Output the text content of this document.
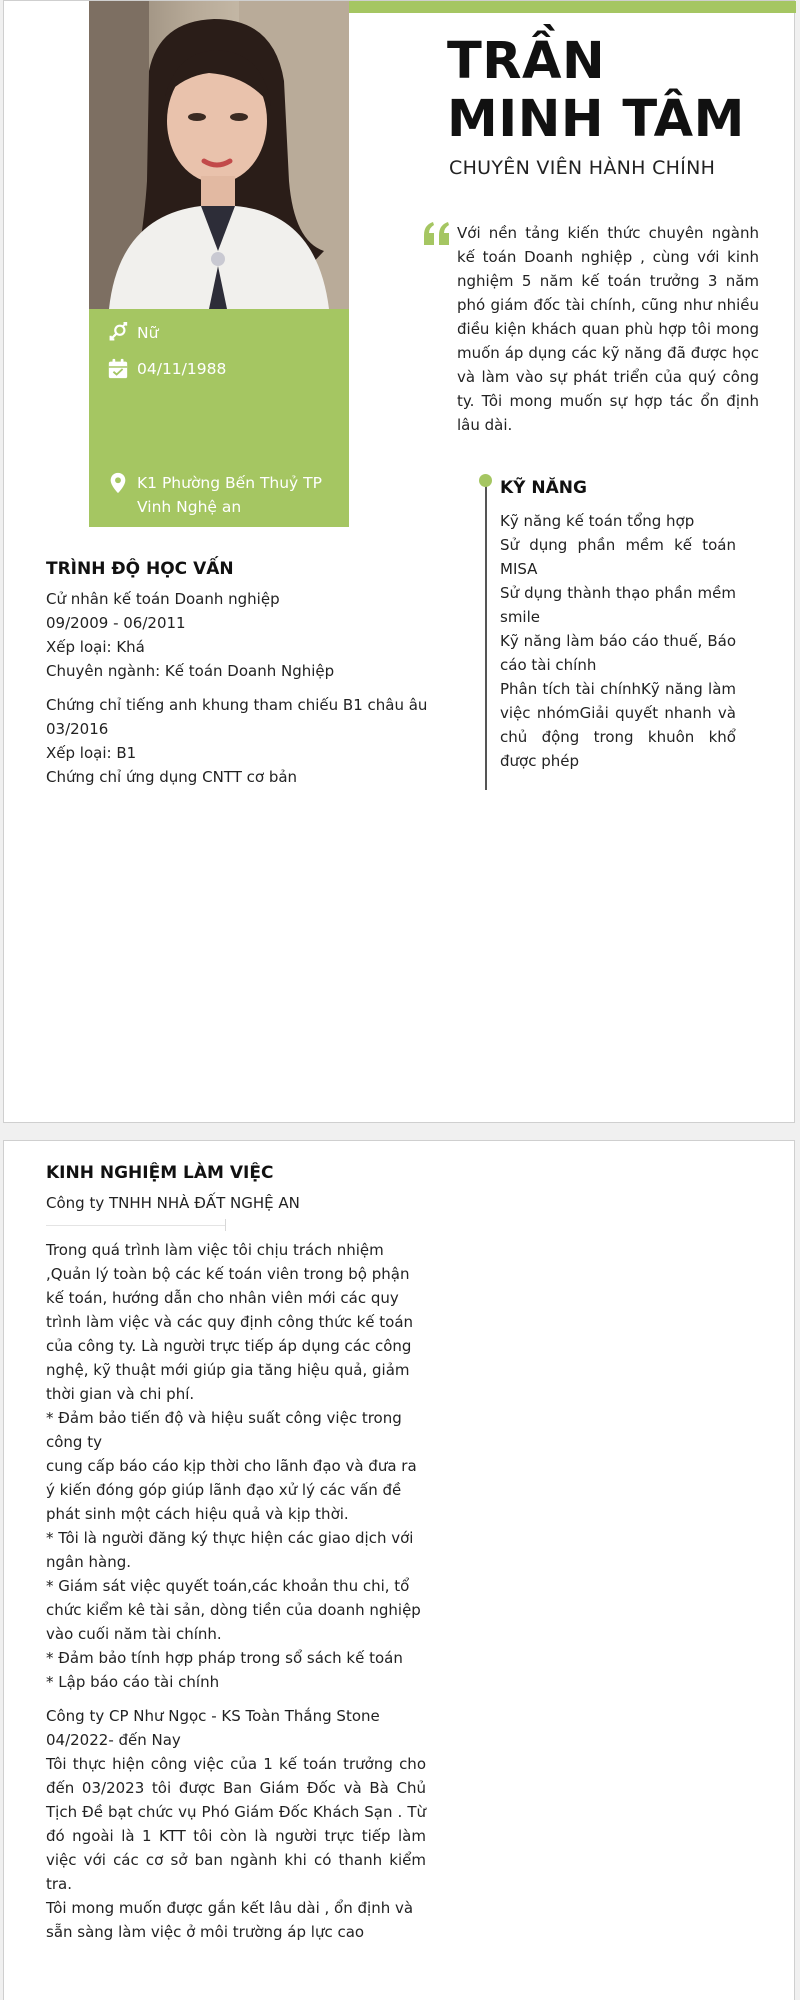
Nữ
04/11/1988
K1 Phường Bến Thuỷ TP Vinh Nghệ an
TRẦN MINH TÂM
CHUYÊN VIÊN HÀNH CHÍNH
Với nền tảng kiến thức chuyên ngành kế toán Doanh nghiệp , cùng với kinh nghiệm 5 năm kế toán trưởng 3 năm phó giám đốc tài chính, cũng như nhiều điều kiện khách quan phù hợp tôi mong muốn áp dụng các kỹ năng đã được học và làm vào sự phát triển của quý công ty. Tôi mong muốn sự hợp tác ổn định lâu dài.
KỸ NĂNG

Kỹ năng kế toán tổng hợp

Sử dụng phần mềm kế toán MISA

Sử dụng thành thạo phần mềm smile

Kỹ năng làm báo cáo thuế, Báo cáo tài chính

Phân tích tài chínhKỹ năng làm việc nhómGiải quyết nhanh và chủ động trong khuôn khổ được phép

TRÌNH ĐỘ HỌC VẤN

Cử nhân kế toán Doanh nghiệp

09/2009 - 06/2011

Xếp loại: Khá

Chuyên ngành: Kế toán Doanh Nghiệp

Chứng chỉ tiếng anh khung tham chiếu B1 châu âu

03/2016

Xếp loại: B1

Chứng chỉ ứng dụng CNTT cơ bản

KINH NGHIỆM LÀM VIỆC

Công ty TNHH NHÀ ĐẤT NGHỆ AN

Trong quá trình làm việc tôi chịu trách nhiệm ,Quản lý toàn bộ các kế toán viên trong bộ phận kế toán, hướng dẫn cho nhân viên mới các quy trình làm việc và các quy định công thức kế toán của công ty. Là người trực tiếp áp dụng các công nghệ, kỹ thuật mới giúp gia tăng hiệu quả, giảm thời gian và chi phí.

* Đảm bảo tiến độ và hiệu suất công việc trong công ty

cung cấp báo cáo kịp thời cho lãnh đạo và đưa ra ý kiến đóng góp giúp lãnh đạo xử lý các vấn đề phát sinh một cách hiệu quả và kịp thời.

* Tôi là người đăng ký thực hiện các giao dịch với ngân hàng.

* Giám sát việc quyết toán,các khoản thu chi, tổ chức kiểm kê tài sản, dòng tiền của doanh nghiệp vào cuối năm tài chính.

* Đảm bảo tính hợp pháp trong sổ sách kế toán

* Lập báo cáo tài chính

Công ty CP Như Ngọc - KS Toàn Thắng Stone

04/2022- đến Nay

Tôi thực hiện công việc của 1 kế toán trưởng cho đến 03/2023 tôi được Ban Giám Đốc và Bà Chủ Tịch Đề bạt chức vụ Phó Giám Đốc Khách Sạn . Từ đó ngoài là 1 KTT tôi còn là người trực tiếp làm việc với các cơ sở ban ngành khi có thanh kiểm tra.

Tôi mong muốn được gắn kết lâu dài , ổn định và sẵn sàng làm việc ở môi trường áp lực cao
